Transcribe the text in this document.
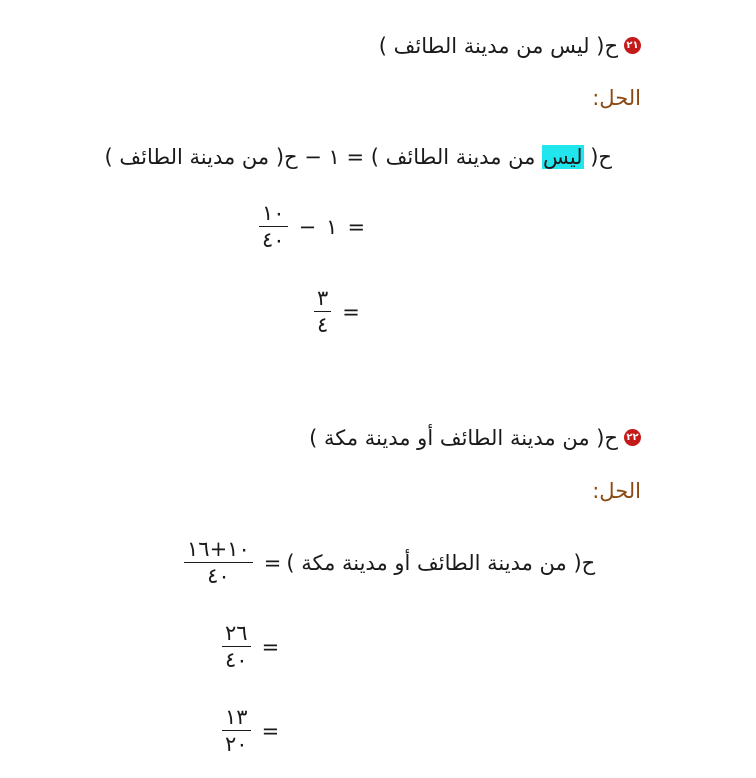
٢١ح( ليس من مدينة الطائف )
الحل:
ح( ليس من مدينة الطائف ) = ١ − ح( من مدينة الطائف )
$\frac{١٠}{٤٠}$ − ١ =
$\frac{٣}{٤}$ =
٢٢ح( من مدينة الطائف أو مدينة مكة )
الحل:
$\frac{١٠+١٦}{٤٠}$ = ح( من مدينة الطائف أو مدينة مكة )
$\frac{٢٦}{٤٠}$ =
$\frac{١٣}{٢٠}$ =
